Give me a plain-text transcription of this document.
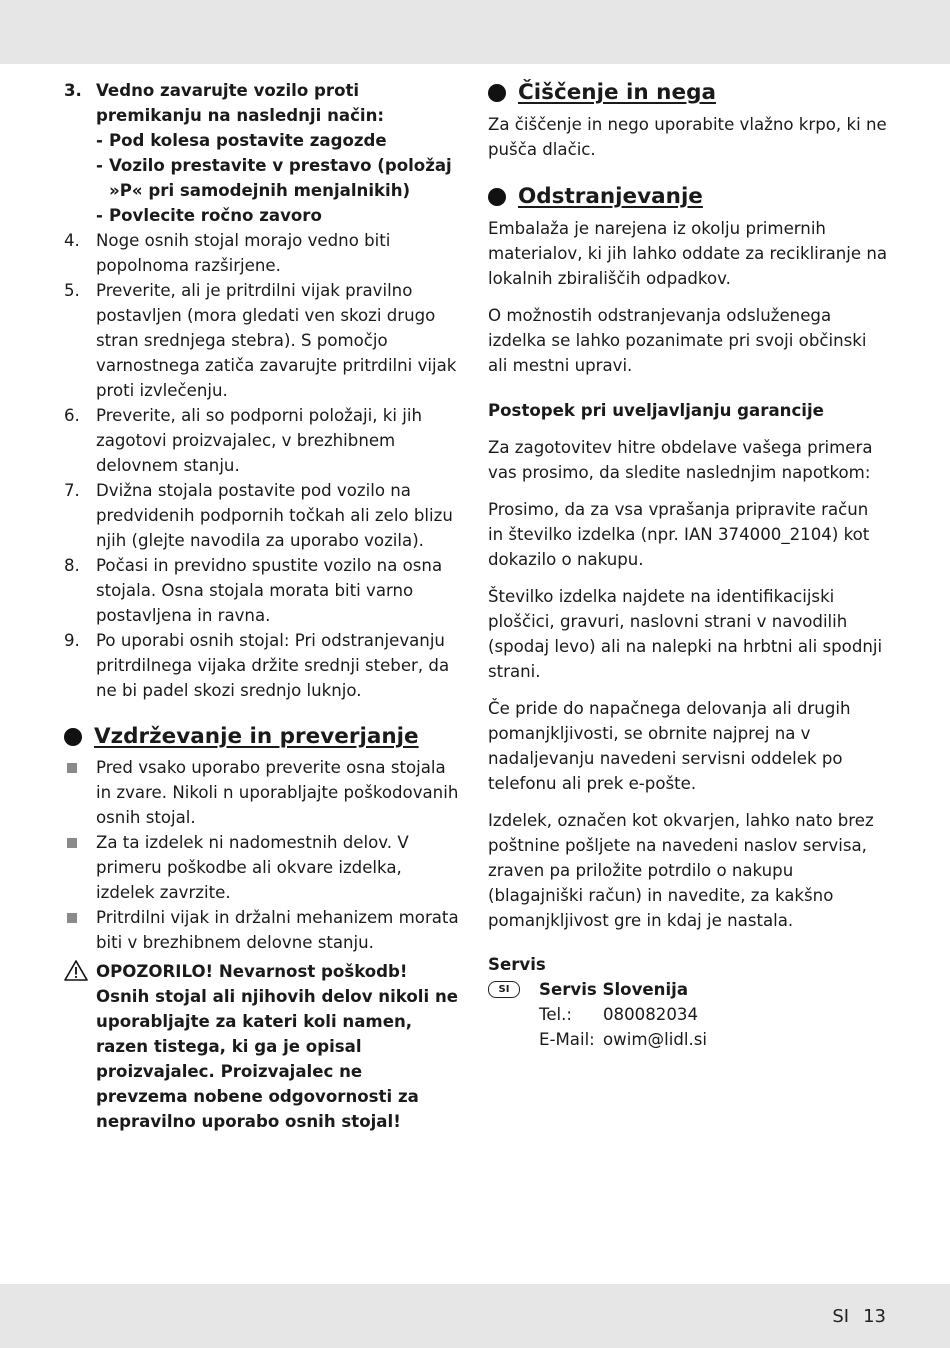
3. Vedno zavarujte vozilo proti premikanju na naslednji način:
- Pod kolesa postavite zagozde
- Vozilo prestavite v prestavo (položaj »P« pri samodejnih menjalnikih)
- Povlecite ročno zavoro
4. Noge osnih stojal morajo vedno biti popolnoma razširjene.
5. Preverite, ali je pritrdilni vijak pravilno postavljen (mora gledati ven skozi drugo stran srednjega stebra). S pomočjo varnostnega zatiča zavarujte pritrdilni vijak proti izvlečenju.
6. Preverite, ali so podporni položaji, ki jih zagotovi proizvajalec, v brezhibnem delovnem stanju.
7. Dvižna stojala postavite pod vozilo na predvidenih podpornih točkah ali zelo blizu njih (glejte navodila za uporabo vozila).
8. Počasi in previdno spustite vozilo na osna stojala. Osna stojala morata biti varno postavljena in ravna.
9. Po uporabi osnih stojal: Pri odstranjevanju pritrdilnega vijaka držite srednji steber, da ne bi padel skozi srednjo luknjo.
Vzdrževanje in preverjanje
Pred vsako uporabo preverite osna stojala in zvare. Nikoli n uporabljajte poškodovanih osnih stojal.
Za ta izdelek ni nadomestnih delov. V primeru poškodbe ali okvare izdelka, izdelek zavrzite.
Pritrdilni vijak in držalni mehanizem morata biti v brezhibnem delovne stanju.
OPOZORILO! Nevarnost poškodb! Osnih stojal ali njihovih delov nikoli ne uporabljajte za kateri koli namen, razen tistega, ki ga je opisal proizvajalec. Proizvajalec ne prevzema nobene odgovornosti za nepravilno uporabo osnih stojal!
Čiščenje in nega

Za čiščenje in nego uporabite vlažno krpo, ki ne pušča dlačic.

Odstranjevanje

Embalaža je narejena iz okolju primernih materialov, ki jih lahko oddate za recikliranje na lokalnih zbirališčih odpadkov.

O možnostih odstranjevanja odsluženega izdelka se lahko pozanimate pri svoji občinski ali mestni upravi.

Postopek pri uveljavljanju garancije

Za zagotovitev hitre obdelave vašega primera vas prosimo, da sledite naslednjim napotkom:

Prosimo, da za vsa vprašanja pripravite račun in številko izdelka (npr. IAN 374000_2104) kot dokazilo o nakupu.

Številko izdelka najdete na identifikacijski ploščici, gravuri, naslovni strani v navodilih (spodaj levo) ali na nalepki na hrbtni ali spodnji strani.

Če pride do napačnega delovanja ali drugih pomanjkljivosti, se obrnite najprej na v nadaljevanju navedeni servisni oddelek po telefonu ali prek e-pošte.

Izdelek, označen kot okvarjen, lahko nato brez poštnine pošljete na navedeni naslov servisa, zraven pa priložite potrdilo o nakupu (blagajniški račun) in navedite, za kakšno pomanjkljivost gre in kdaj je nastala.

Servis

SI	Servis Slovenija
Tel.:	080082034
E-Mail: owim@lidl.si
SI 13
